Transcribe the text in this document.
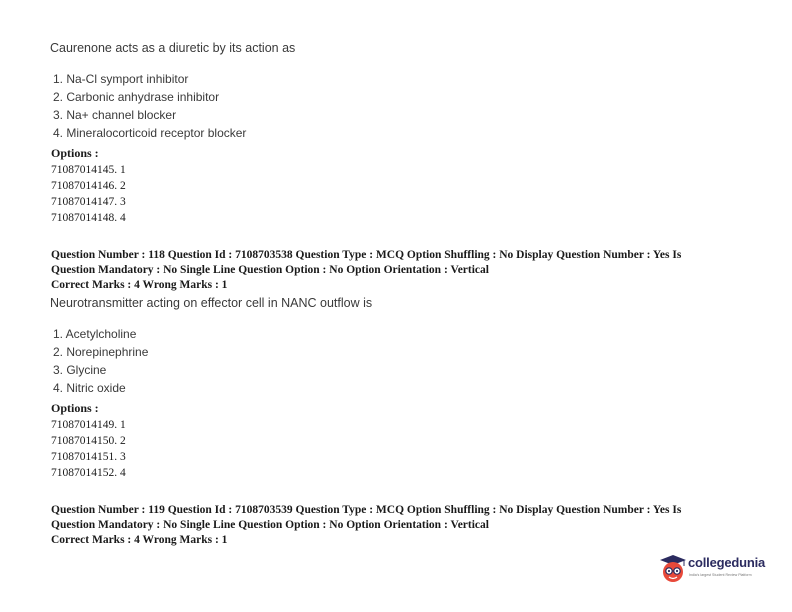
Caurenone acts as a diuretic by its action as
1. Na-Cl symport inhibitor
2. Carbonic anhydrase inhibitor
3. Na+ channel blocker
4. Mineralocorticoid receptor blocker
Options :
71087014145. 1
71087014146. 2
71087014147. 3
71087014148. 4
Question Number : 118 Question Id : 7108703538 Question Type : MCQ Option Shuffling : No Display Question Number : Yes Is
Question Mandatory : No Single Line Question Option : No Option Orientation : Vertical
Correct Marks : 4 Wrong Marks : 1
Neurotransmitter acting on effector cell in NANC outflow is
1. Acetylcholine
2. Norepinephrine
3. Glycine
4. Nitric oxide
Options :
71087014149. 1
71087014150. 2
71087014151. 3
71087014152. 4
Question Number : 119 Question Id : 7108703539 Question Type : MCQ Option Shuffling : No Display Question Number : Yes Is
Question Mandatory : No Single Line Question Option : No Option Orientation : Vertical
Correct Marks : 4 Wrong Marks : 1
collegedunia
India's largest Student Review Platform
